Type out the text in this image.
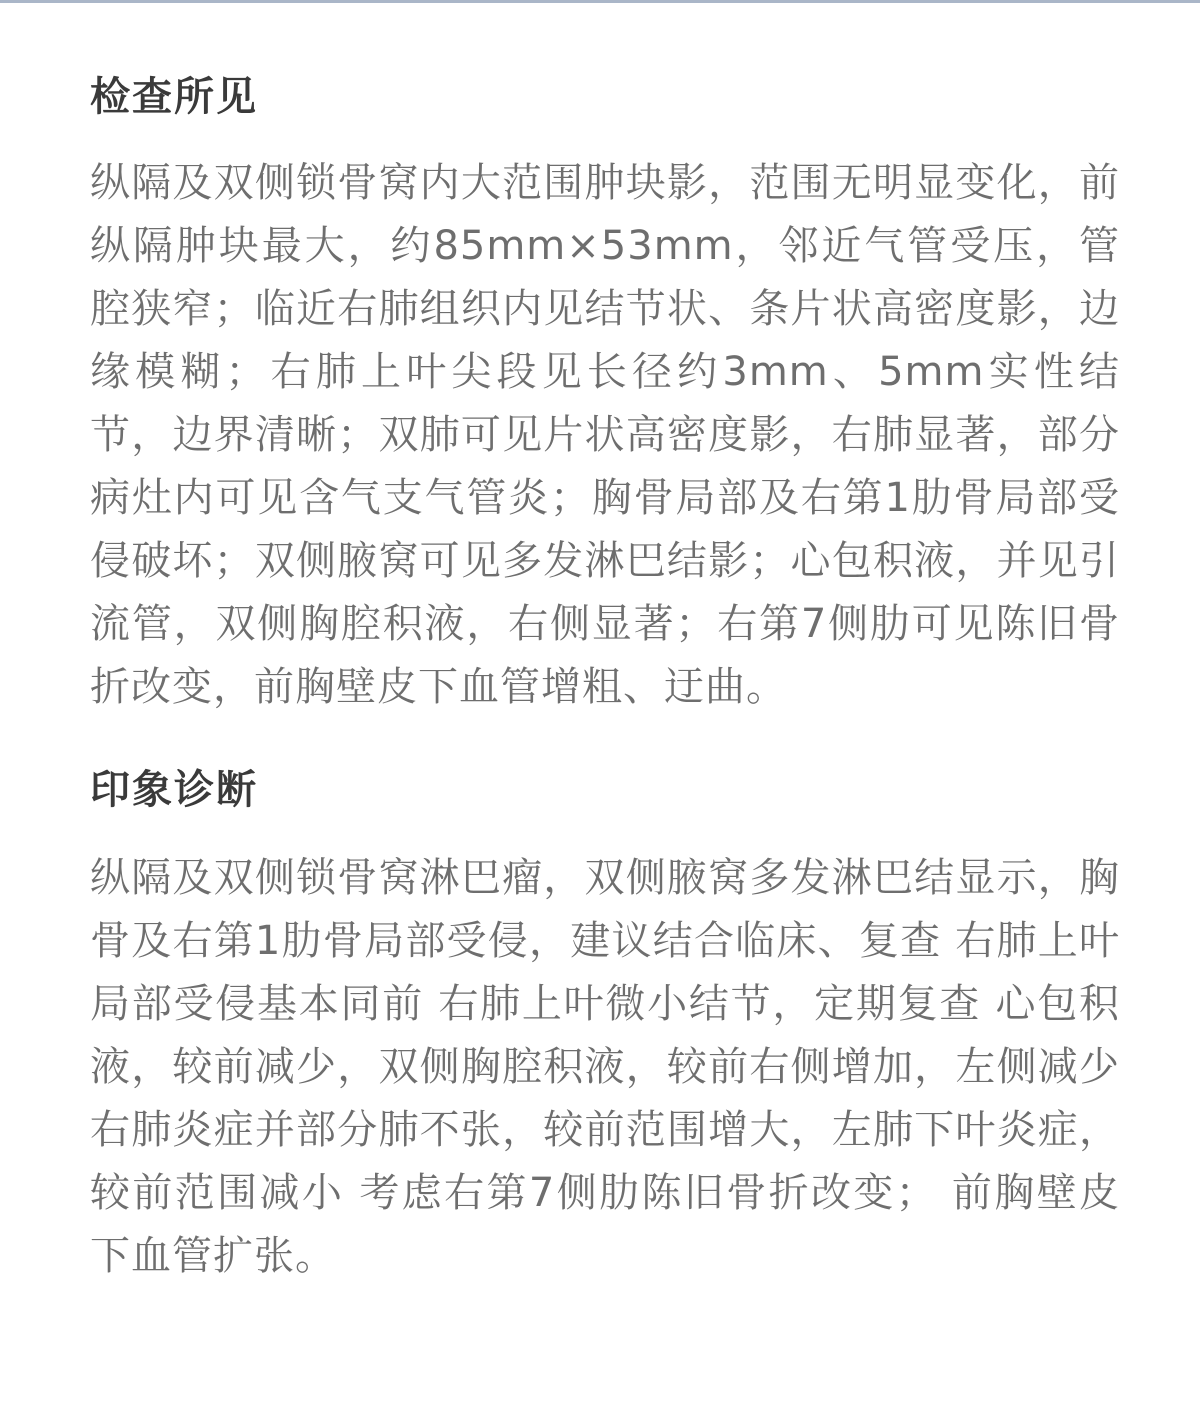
检查所见

纵隔及双侧锁骨窝内大范围肿块影，范围无明显变化，前纵隔肿块最大，约85mm×53mm，邻近气管受压，管腔狭窄；临近右肺组织内见结节状、条片状高密度影，边缘模糊；右肺上叶尖段见长径约3mm、5mm实性结节，边界清晰；双肺可见片状高密度影，右肺显著，部分病灶内可见含气支气管炎；胸骨局部及右第1肋骨局部受侵破坏；双侧腋窝可见多发淋巴结影；心包积液，并见引流管，双侧胸腔积液，右侧显著；右第7侧肋可见陈旧骨折改变，前胸壁皮下血管增粗、迂曲。

印象诊断

纵隔及双侧锁骨窝淋巴瘤，双侧腋窝多发淋巴结显示，胸骨及右第1肋骨局部受侵，建议结合临床、复查 右肺上叶局部受侵基本同前 右肺上叶微小结节，定期复查 心包积液，较前减少，双侧胸腔积液，较前右侧增加，左侧减少 右肺炎症并部分肺不张，较前范围增大，左肺下叶炎症，较前范围减小 考虑右第7侧肋陈旧骨折改变； 前胸壁皮下血管扩张。
